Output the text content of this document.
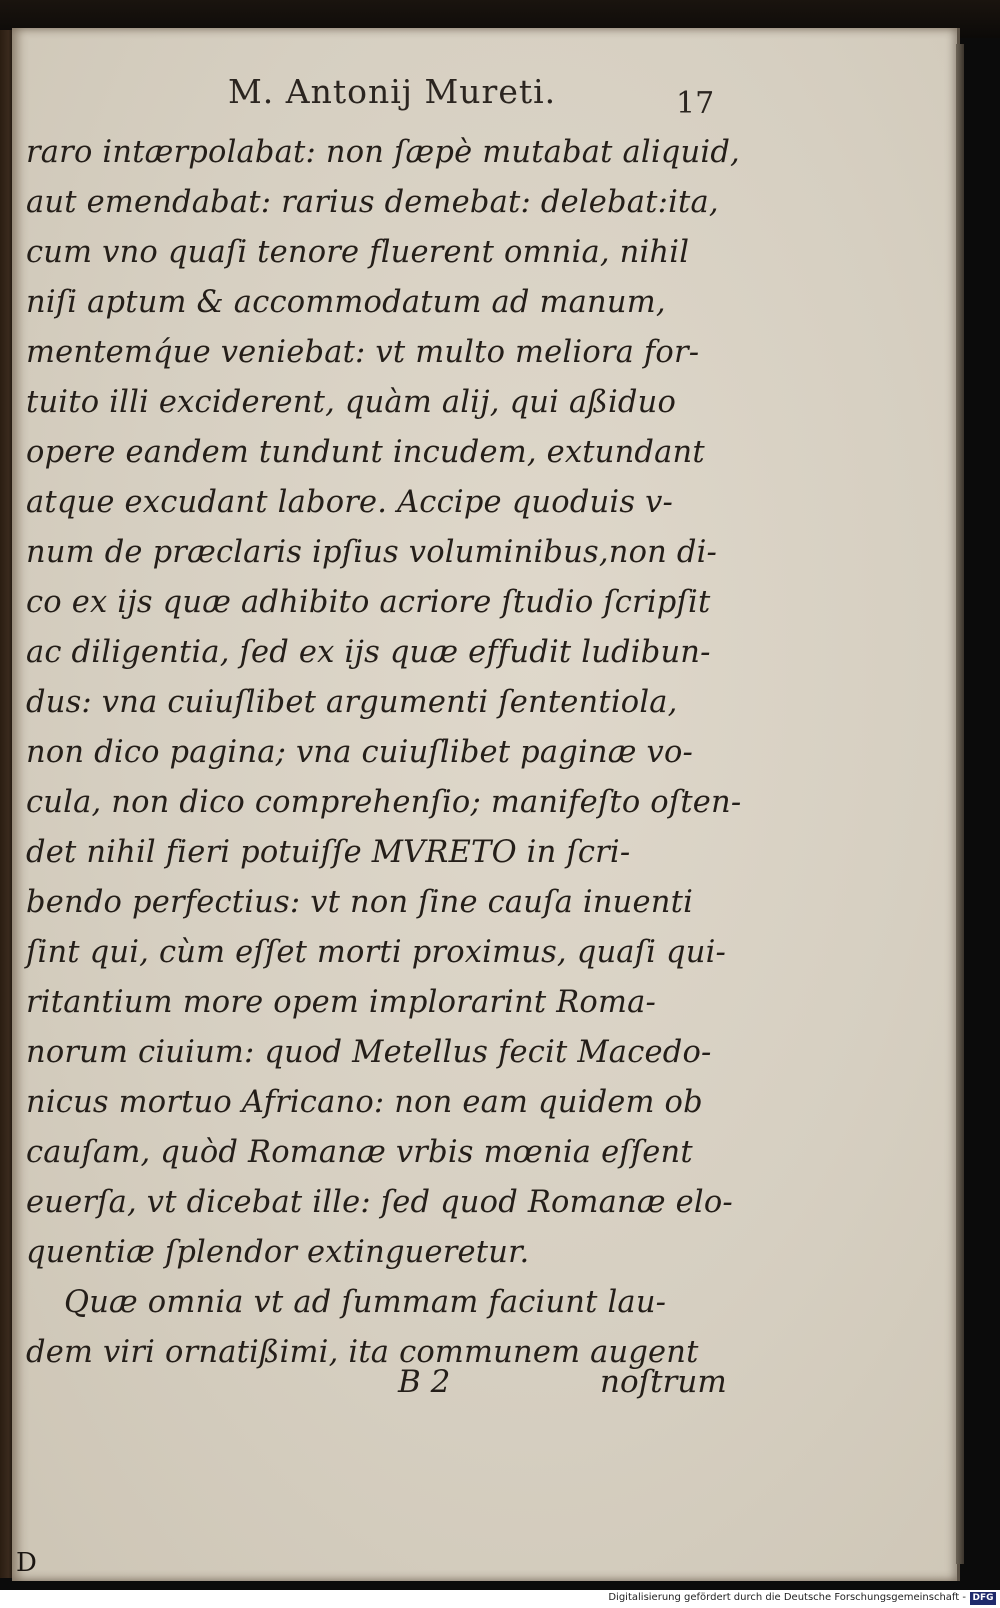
M. Antonij Mureti.	17
raro intærpolabat: non ſæpè mutabat aliquid,
aut emendabat: rarius demebat: delebat:ita,
cum vno quaſi tenore fluerent omnia, nihil
niſi aptum & accommodatum ad manum,
mentemq́ue veniebat: vt multo meliora for-
tuito illi exciderent, quàm alij, qui aßiduo
opere eandem tundunt incudem, extundant
atque excudant labore. Accipe quoduis v-
num de præclaris ipſius voluminibus,non di-
co ex ijs quæ adhibito acriore ſtudio ſcripſit
ac diligentia, ſed ex ijs quæ effudit ludibun-
dus: vna cuiuſlibet argumenti ſententiola,
non dico pagina; vna cuiuſlibet paginæ vo-
cula, non dico comprehenſio; manifeſto oſten-
det nihil fieri potuiſſe MVRETO in ſcri-
bendo perfectius: vt non ſine cauſa inuenti
ſint qui, cùm eſſet morti proximus, quaſi qui-
ritantium more opem implorarint Roma-
norum ciuium: quod Metellus fecit Macedo-
nicus mortuo Africano: non eam quidem ob
cauſam, quòd Romanæ vrbis mœnia eſſent
euerſa, vt dicebat ille: ſed quod Romanæ elo-
quentiæ ſplendor extingueretur.
Quæ omnia vt ad ſummam faciunt lau-
dem viri ornatißimi, ita communem augent
B 2	noſtrum
D
Digitalisierung gefördert durch die Deutsche Forschungsgemeinschaft - DFG
